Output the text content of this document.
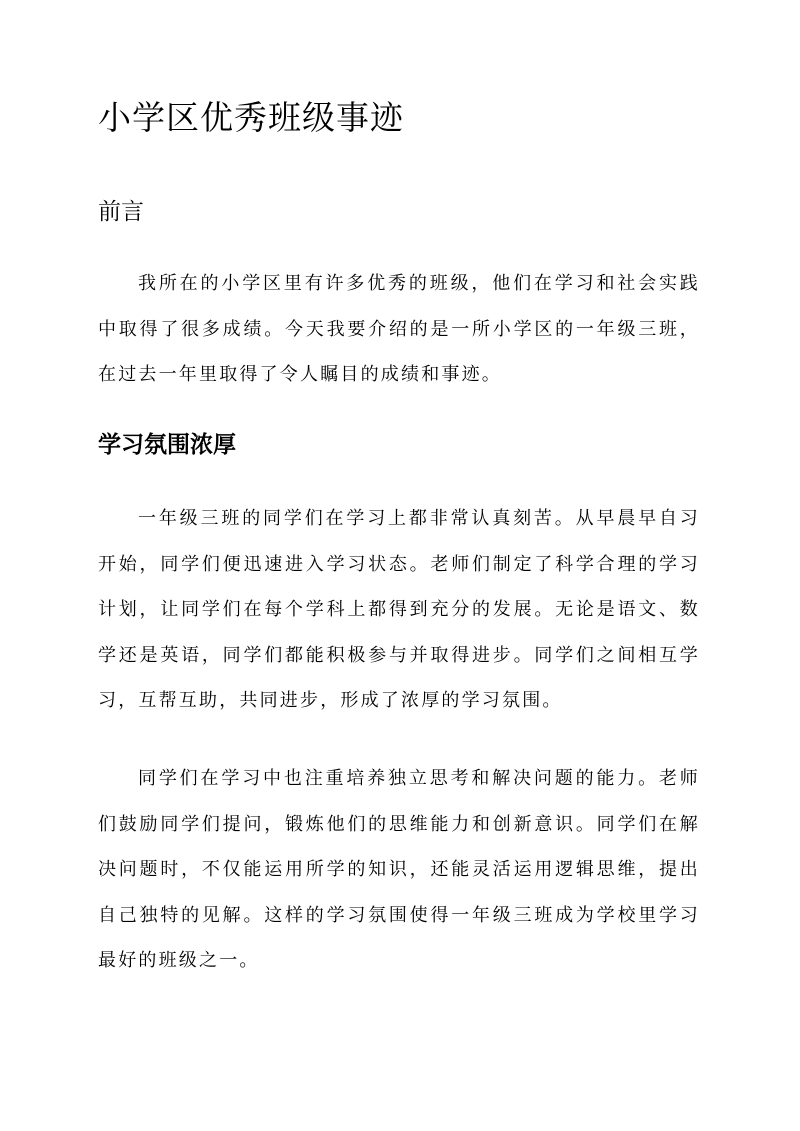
小学区优秀班级事迹
前言

我所在的小学区里有许多优秀的班级，他们在学习和社会实践中取得了很多成绩。今天我要介绍的是一所小学区的一年级三班，在过去一年里取得了令人瞩目的成绩和事迹。

学习氛围浓厚

一年级三班的同学们在学习上都非常认真刻苦。从早晨早自习开始，同学们便迅速进入学习状态。老师们制定了科学合理的学习计划，让同学们在每个学科上都得到充分的发展。无论是语文、数学还是英语，同学们都能积极参与并取得进步。同学们之间相互学习，互帮互助，共同进步，形成了浓厚的学习氛围。

同学们在学习中也注重培养独立思考和解决问题的能力。老师们鼓励同学们提问，锻炼他们的思维能力和创新意识。同学们在解决问题时，不仅能运用所学的知识，还能灵活运用逻辑思维，提出自己独特的见解。这样的学习氛围使得一年级三班成为学校里学习最好的班级之一。
